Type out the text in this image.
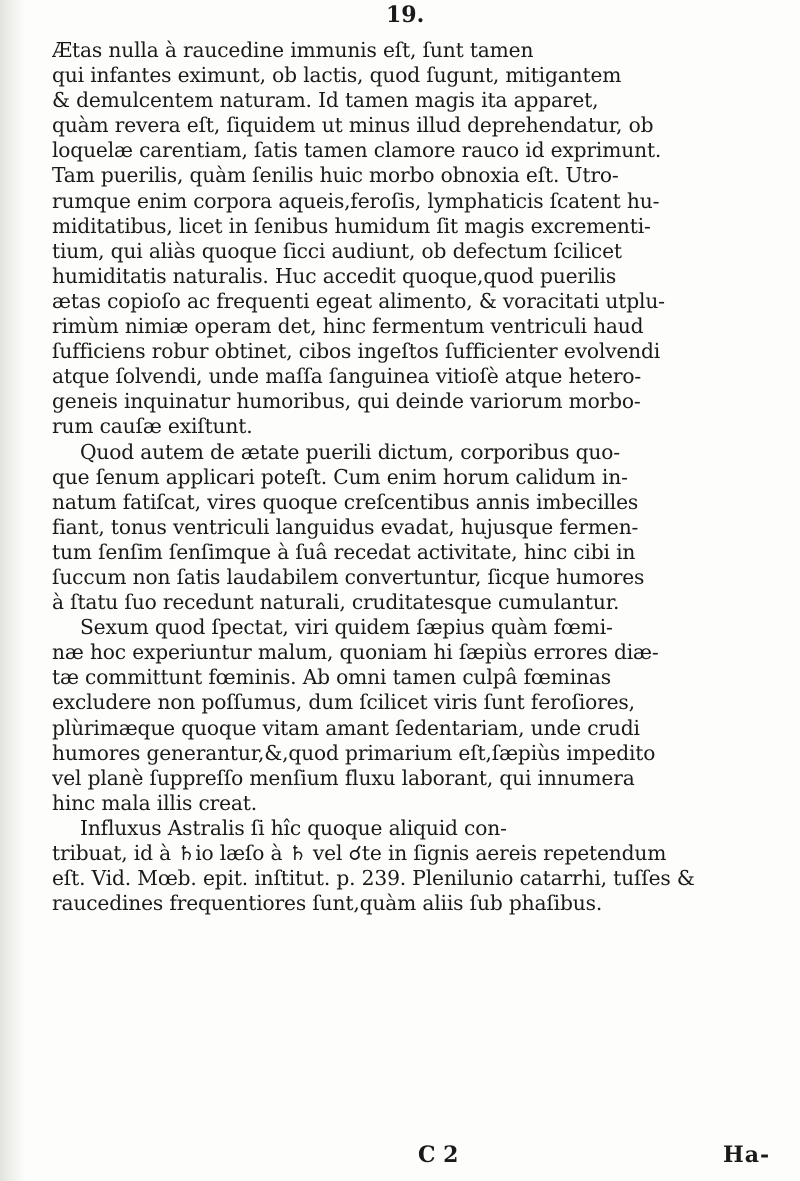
19.
Ætas nulla à raucedine immunis eſt, ſunt tamen
qui infantes eximunt, ob lactis, quod ſugunt, mitigantem
& demulcentem naturam. Id tamen magis ita apparet,
quàm revera eſt, ſiquidem ut minus illud deprehendatur, ob
loquelæ carentiam, ſatis tamen clamore rauco id exprimunt.
Tam puerilis, quàm ſenilis huic morbo obnoxia eſt. Utro-
rumque enim corpora aqueis,feroſis, lymphaticis ſcatent hu-
miditatibus, licet in ſenibus humidum ſit magis excrementi-
tium, qui aliàs quoque ſicci audiunt, ob defectum ſcilicet
humiditatis naturalis. Huc accedit quoque,quod puerilis
ætas copioſo ac frequenti egeat alimento, & voracitati utplu-
rimùm nimiæ operam det, hinc fermentum ventriculi haud
ſufficiens robur obtinet, cibos ingeſtos ſufficienter evolvendi
atque ſolvendi, unde maſſa ſanguinea vitioſè atque hetero-
geneis inquinatur humoribus, qui deinde variorum morbo-
rum cauſæ exiſtunt.
Quod autem de ætate puerili dictum, corporibus quo-
que ſenum applicari poteſt. Cum enim horum calidum in-
natum fatiſcat, vires quoque creſcentibus annis imbecilles
fiant, tonus ventriculi languidus evadat, hujusque fermen-
tum ſenſim ſenſimque à ſuâ recedat activitate, hinc cibi in
ſuccum non ſatis laudabilem convertuntur, ſicque humores
à ſtatu ſuo recedunt naturali, cruditatesque cumulantur.
Sexum quod ſpectat, viri quidem ſæpius quàm fœmi-
næ hoc experiuntur malum, quoniam hi ſæpiùs errores diæ-
tæ committunt fœminis. Ab omni tamen culpâ fœminas
excludere non poſſumus, dum ſcilicet viris ſunt feroſiores,
plùrimæque quoque vitam amant ſedentariam, unde crudi
humores generantur,&,quod primarium eſt,ſæpiùs impedito
vel planè ſuppreſſo menſium fluxu laborant, qui innumera
hinc mala illis creat.
Influxus Astralis ſi hîc quoque aliquid con-
tribuat, id à ♄io læſo à ♄ vel ☌te in ſignis aereis repetendum
eſt. Vid. Mœb. epit. inſtitut. p. 239. Plenilunio catarrhi, tuſſes &
raucedines frequentiores ſunt,quàm aliis ſub phaſibus.
C 2	Ha-
